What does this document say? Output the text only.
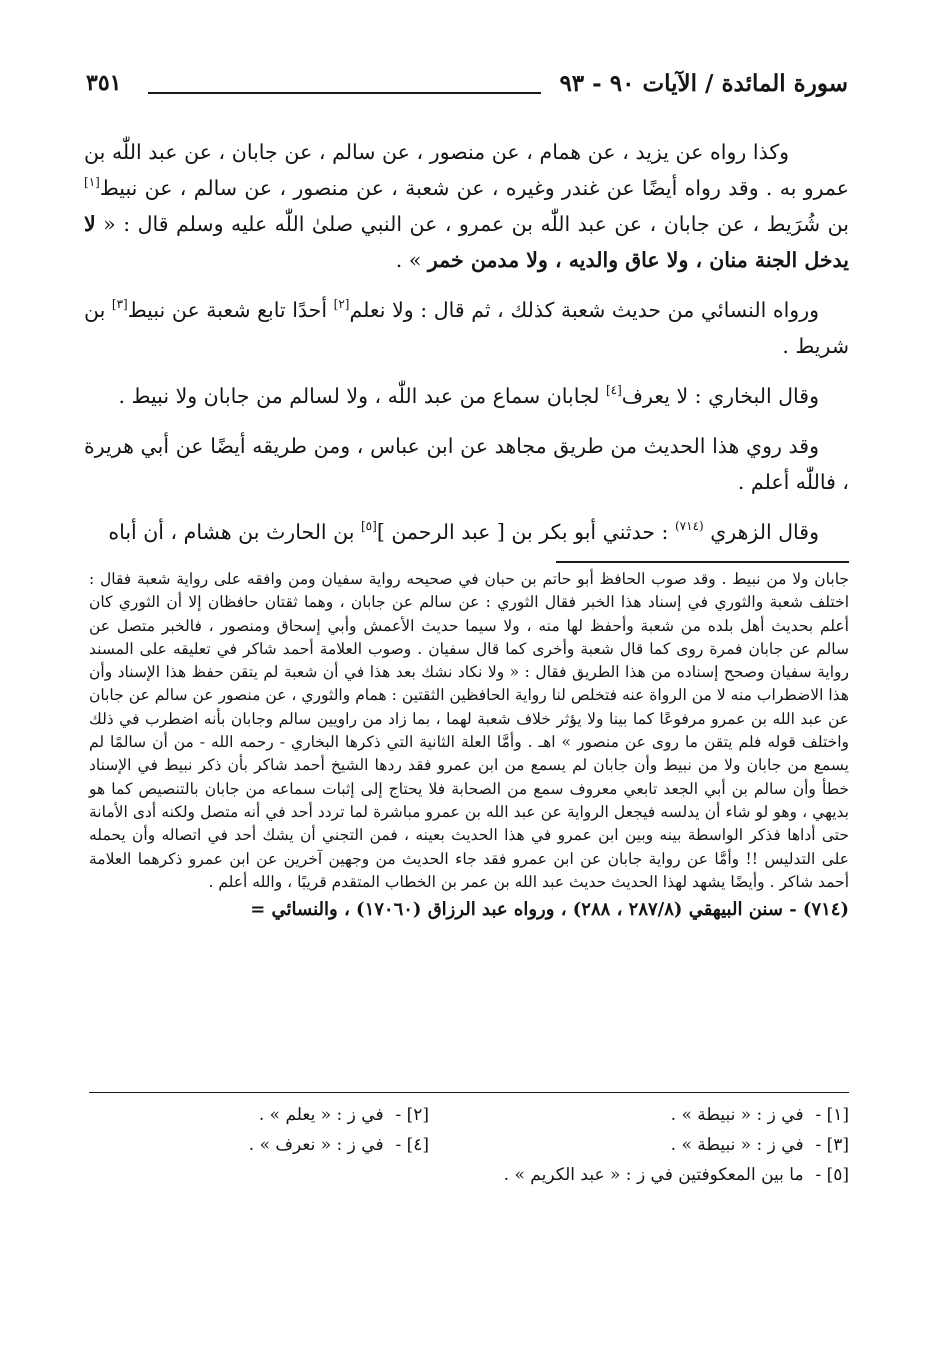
سورة المائدة / الآيات ٩٠ - ٩٣
٣٥١

وكذا رواه عن يزيد ، عن همام ، عن منصور ، عن سالم ، عن جابان ، عن عبد اللّٰه بن عمرو به . وقد رواه أيضًا عن غندر وغيره ، عن شعبة ، عن منصور ، عن سالم ، عن نبيط[١] بن شُرَيط ، عن جابان ، عن عبد اللّٰه بن عمرو ، عن النبي صلىٰ اللّٰه عليه وسلم قال : « لا يدخل الجنة منان ، ولا عاق والديه ، ولا مدمن خمر » .

ورواه النسائي من حديث شعبة كذلك ، ثم قال : ولا نعلم[٢] أحدًا تابع شعبة عن نبيط[٣] بن شريط .

وقال البخاري : لا يعرف[٤] لجابان سماع من عبد اللّٰه ، ولا لسالم من جابان ولا نبيط .

وقد روي هذا الحديث من طريق مجاهد عن ابن عباس ، ومن طريقه أيضًا عن أبي هريرة ، فاللّٰه أعلم .

وقال الزهري $^{(٧١٤)}$ : حدثني أبو بكر بن [ عبد الرحمن ][٥] بن الحارث بن هشام ، أن أباه

جابان ولا من نبيط . وقد صوب الحافظ أبو حاتم بن حبان في صحيحه رواية سفيان ومن وافقه على رواية شعبة فقال : اختلف شعبة والثوري في إسناد هذا الخبر فقال الثوري : عن سالم عن جابان ، وهما ثقتان حافظان إلا أن الثوري كان أعلم بحديث أهل بلده من شعبة وأحفظ لها منه ، ولا سيما حديث الأعمش وأبي إسحاق ومنصور ، فالخبر متصل عن سالم عن جابان فمرة روى كما قال شعبة وأخرى كما قال سفيان . وصوب العلامة أحمد شاكر في تعليقه على المسند رواية سفيان وصحح إسناده من هذا الطريق فقال : « ولا نكاد نشك بعد هذا في أن شعبة لم يتقن حفظ هذا الإسناد وأن هذا الاضطراب منه لا من الرواة عنه فتخلص لنا رواية الحافظين الثقتين : همام والثوري ، عن منصور عن سالم عن جابان عن عبد الله بن عمرو مرفوعًا كما بينا ولا يؤثر خلاف شعبة لهما ، بما زاد من راويين سالم وجابان بأنه اضطرب في ذلك واختلف قوله فلم يتقن ما روى عن منصور » اهـ . وأمَّا العلة الثانية التي ذكرها البخاري - رحمه الله - من أن سالمًا لم يسمع من جابان ولا من نبيط وأن جابان لم يسمع من ابن عمرو فقد ردها الشيخ أحمد شاكر بأن ذكر نبيط في الإسناد خطأ وأن سالم بن أبي الجعد تابعي معروف سمع من الصحابة فلا يحتاج إلى إثبات سماعه من جابان بالتنصيص كما هو بديهي ، وهو لو شاء أن يدلسه فيجعل الرواية عن عبد الله بن عمرو مباشرة لما تردد أحد في أنه متصل ولكنه أدى الأمانة حتى أداها فذكر الواسطة بينه وبين ابن عمرو في هذا الحديث بعينه ، فمن التجني أن يشك أحد في اتصاله وأن يحمله على التدليس !! وأمَّا عن رواية جابان عن ابن عمرو فقد جاء الحديث من وجهين آخرين عن ابن عمرو ذكرهما العلامة أحمد شاكر . وأيضًا يشهد لهذا الحديث حديث عبد الله بن عمر بن الخطاب المتقدم قريبًا ، والله أعلم .

(٧١٤) - سنن البيهقي (٢٨٧/٨ ، ٢٨٨) ، ورواه عبد الرزاق (١٧٠٦٠) ، والنسائي =

[١] - في ز : « نبيطة » .
[٢] - في ز : « يعلم » .
[٣] - في ز : « نبيطة » .
[٤] - في ز : « نعرف » .
[٥] - ما بين المعكوفتين في ز : « عبد الكريم » .
